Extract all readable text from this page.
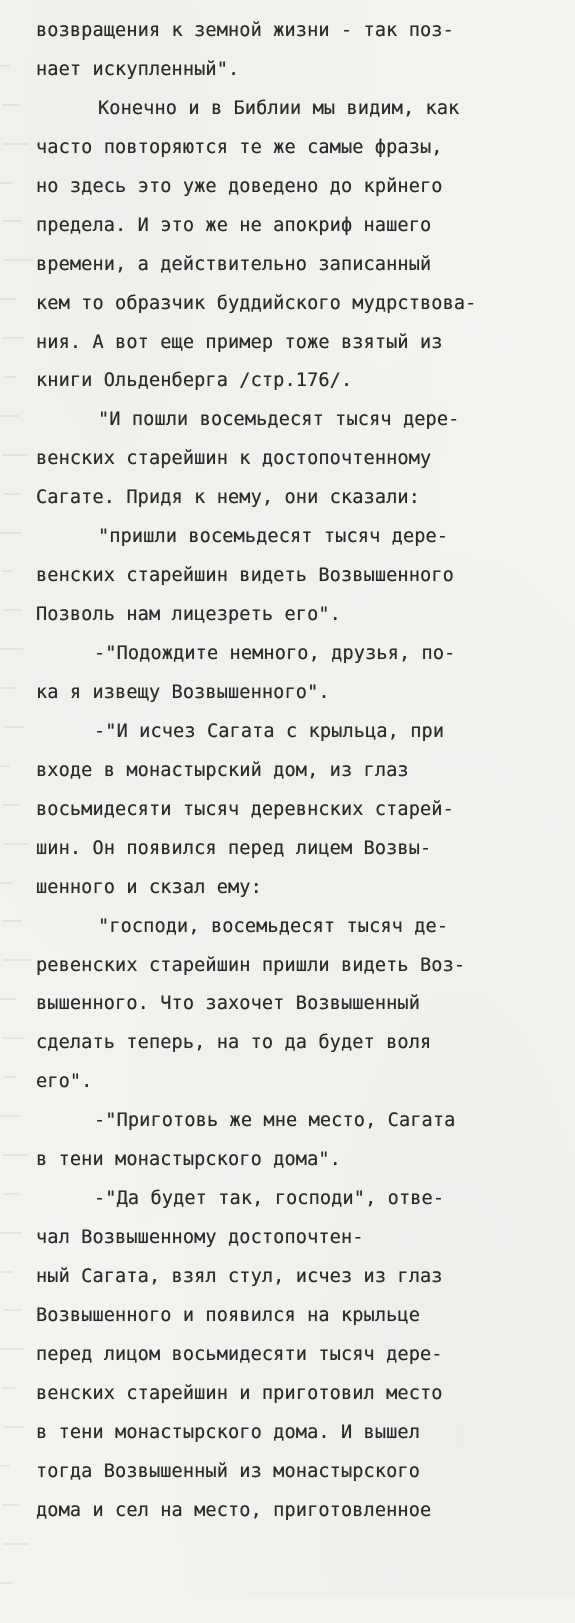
возвращения к земной жизни - так поз-
нает искупленный".
Конечно и в Библии мы видим, как
часто повторяются те же самые фразы,
но здесь это уже доведено до крйнего
предела. И это же не апокриф нашего
времени, а действительно записанный
кем то образчик буддийского мудрствова-
ния. А вот еще пример тоже взятый из
книги Ольденберга /стр.176/.
"И пошли восемьдесят тысяч дере-
венских старейшин к достопочтенному
Сагате. Придя к нему, они сказали:
"пришли восемьдесят тысяч дере-
венских старейшин видеть Возвышенного
Позволь нам лицезреть его".
-"Подождите немного, друзья, по-
ка я извещу Возвышенного".
-"И исчез Сагата с крыльца, при
входе в монастырский дом, из глаз
восьмидесяти тысяч деревнских старей-
шин. Он появился перед лицем Возвы-
шенного и скзал ему:
"господи, восемьдесят тысяч де-
ревенских старейшин пришли видеть Воз-
вышенного. Что захочет Возвышенный
сделать теперь, на то да будет воля
его".
-"Приготовь же мне место, Сагата
в тени монастырского дома".
-"Да будет так, господи", отве-
чал Возвышенному достопочтен-
ный Сагата, взял стул, исчез из глаз
Возвышенного и появился на крыльце
перед лицом восьмидесяти тысяч дере-
венских старейшин и приготовил место
в тени монастырского дома. И вышел
тогда Возвышенный из монастырского
дома и сел на место, приготовленное
